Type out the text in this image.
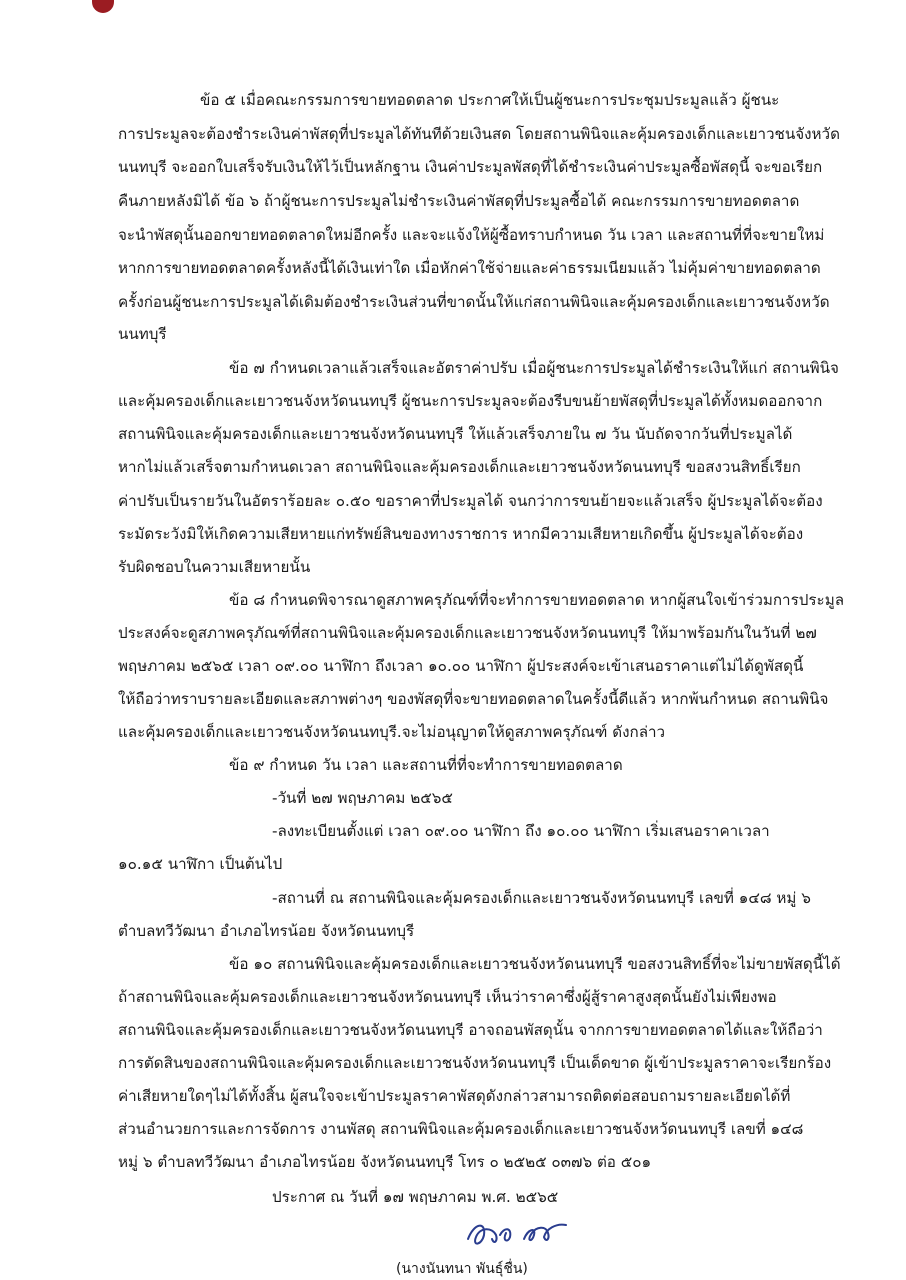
ข้อ ๕ เมื่อคณะกรรมการขายทอดตลาด ประกาศให้เป็นผู้ชนะการประชุมประมูลแล้ว ผู้ชนะ

การประมูลจะต้องชำระเงินค่าพัสดุที่ประมูลได้ทันทีด้วยเงินสด โดยสถานพินิจและคุ้มครองเด็กและเยาวชนจังหวัด

นนทบุรี จะออกใบเสร็จรับเงินให้ไว้เป็นหลักฐาน เงินค่าประมูลพัสดุที่ได้ชำระเงินค่าประมูลซื้อพัสดุนี้ จะขอเรียก

คืนภายหลังมิได้ ข้อ ๖ ถ้าผู้ชนะการประมูลไม่ชำระเงินค่าพัสดุที่ประมูลซื้อได้ คณะกรรมการขายทอดตลาด

จะนำพัสดุนั้นออกขายทอดตลาดใหม่อีกครั้ง และจะแจ้งให้ผู้ซื้อทราบกำหนด วัน เวลา และสถานที่ที่จะขายใหม่

หากการขายทอดตลาดครั้งหลังนี้ได้เงินเท่าใด เมื่อหักค่าใช้จ่ายและค่าธรรมเนียมแล้ว ไม่คุ้มค่าขายทอดตลาด

ครั้งก่อนผู้ชนะการประมูลได้เดิมต้องชำระเงินส่วนที่ขาดนั้นให้แก่สถานพินิจและคุ้มครองเด็กและเยาวชนจังหวัด

นนทบุรี

ข้อ ๗ กำหนดเวลาแล้วเสร็จและอัตราค่าปรับ เมื่อผู้ชนะการประมูลได้ชำระเงินให้แก่ สถานพินิจ

และคุ้มครองเด็กและเยาวชนจังหวัดนนทบุรี ผู้ชนะการประมูลจะต้องรีบขนย้ายพัสดุที่ประมูลได้ทั้งหมดออกจาก

สถานพินิจและคุ้มครองเด็กและเยาวชนจังหวัดนนทบุรี ให้แล้วเสร็จภายใน ๗ วัน นับถัดจากวันที่ประมูลได้

หากไม่แล้วเสร็จตามกำหนดเวลา สถานพินิจและคุ้มครองเด็กและเยาวชนจังหวัดนนทบุรี ขอสงวนสิทธิ์เรียก

ค่าปรับเป็นรายวันในอัตราร้อยละ ๐.๕๐ ขอราคาที่ประมูลได้ จนกว่าการขนย้ายจะแล้วเสร็จ ผู้ประมูลได้จะต้อง

ระมัดระวังมิให้เกิดความเสียหายแก่ทรัพย์สินของทางราชการ หากมีความเสียหายเกิดขึ้น ผู้ประมูลได้จะต้อง

รับผิดชอบในความเสียหายนั้น

ข้อ ๘ กำหนดพิจารณาดูสภาพครุภัณฑ์ที่จะทำการขายทอดตลาด หากผู้สนใจเข้าร่วมการประมูล

ประสงค์จะดูสภาพครุภัณฑ์ที่สถานพินิจและคุ้มครองเด็กและเยาวชนจังหวัดนนทบุรี ให้มาพร้อมกันในวันที่ ๒๗

พฤษภาคม ๒๕๖๕ เวลา ๐๙.๐๐ นาฬิกา ถึงเวลา ๑๐.๐๐ นาฬิกา ผู้ประสงค์จะเข้าเสนอราคาแต่ไม่ได้ดูพัสดุนี้

ให้ถือว่าทราบรายละเอียดและสภาพต่างๆ ของพัสดุที่จะขายทอดตลาดในครั้งนี้ดีแล้ว หากพ้นกำหนด สถานพินิจ

และคุ้มครองเด็กและเยาวชนจังหวัดนนทบุรี.จะไม่อนุญาตให้ดูสภาพครุภัณฑ์ ดังกล่าว

ข้อ ๙ กำหนด วัน เวลา และสถานที่ที่จะทำการขายทอดตลาด

-วันที่ ๒๗ พฤษภาคม ๒๕๖๕

-ลงทะเบียนตั้งแต่ เวลา ๐๙.๐๐ นาฬิกา ถึง ๑๐.๐๐ นาฬิกา เริ่มเสนอราคาเวลา

๑๐.๑๕ นาฬิกา เป็นต้นไป

-สถานที่ ณ สถานพินิจและคุ้มครองเด็กและเยาวชนจังหวัดนนทบุรี เลขที่ ๑๔๘ หมู่ ๖

ตำบลทวีวัฒนา อำเภอไทรน้อย จังหวัดนนทบุรี

ข้อ ๑๐ สถานพินิจและคุ้มครองเด็กและเยาวชนจังหวัดนนทบุรี ขอสงวนสิทธิ์ที่จะไม่ขายพัสดุนี้ได้

ถ้าสถานพินิจและคุ้มครองเด็กและเยาวชนจังหวัดนนทบุรี เห็นว่าราคาซึ่งผู้สู้ราคาสูงสุดนั้นยังไม่เพียงพอ

สถานพินิจและคุ้มครองเด็กและเยาวชนจังหวัดนนทบุรี อาจถอนพัสดุนั้น จากการขายทอดตลาดได้และให้ถือว่า

การตัดสินของสถานพินิจและคุ้มครองเด็กและเยาวชนจังหวัดนนทบุรี เป็นเด็ดขาด ผู้เข้าประมูลราคาจะเรียกร้อง

ค่าเสียหายใดๆไม่ได้ทั้งสิ้น ผู้สนใจจะเข้าประมูลราคาพัสดุดังกล่าวสามารถติดต่อสอบถามรายละเอียดได้ที่

ส่วนอำนวยการและการจัดการ งานพัสดุ สถานพินิจและคุ้มครองเด็กและเยาวชนจังหวัดนนทบุรี เลขที่ ๑๔๘

หมู่ ๖ ตำบลทวีวัฒนา อำเภอไทรน้อย จังหวัดนนทบุรี โทร ๐ ๒๕๒๕ ๐๓๗๖ ต่อ ๕๐๑

ประกาศ ณ วันที่ ๑๗ พฤษภาคม พ.ศ. ๒๕๖๕

(นางนันทนา พันธุ์ชื่น)
